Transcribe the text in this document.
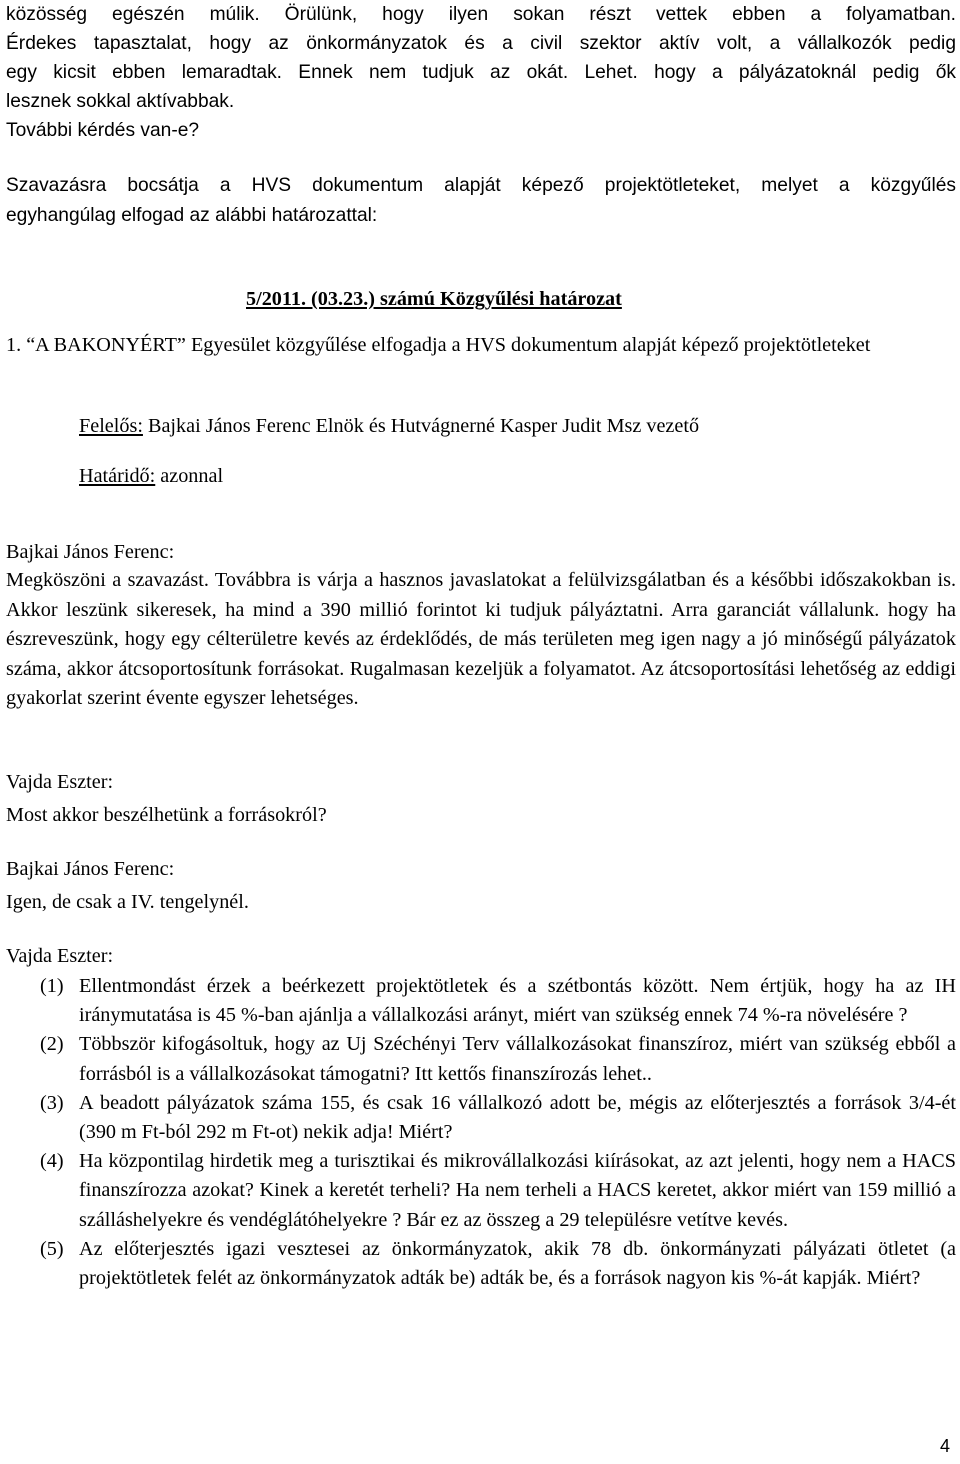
közösség egészén múlik. Örülünk, hogy ilyen sokan részt vettek ebben a folyamatban.

Érdekes tapasztalat, hogy az önkormányzatok és a civil szektor aktív volt, a vállalkozók pedig

egy kicsit ebben lemaradtak. Ennek nem tudjuk az okát. Lehet. hogy a pályázatoknál pedig ők

lesznek sokkal aktívabbak.

További kérdés van-e?

Szavazásra bocsátja a HVS dokumentum alapját képező projektötleteket, melyet a közgyűlés

egyhangúlag elfogad az alábbi határozattal:

5/2011. (03.23.) számú Közgyűlési határozat
1. “A BAKONYÉRT” Egyesület közgyűlése elfogadja a HVS dokumentum alapját képező projektötleteket
Felelős: Bajkai János Ferenc Elnök és Hutvágnerné Kasper Judit Msz vezető
Határidő: azonnal
Bajkai János Ferenc:
Megköszöni a szavazást. Továbbra is várja a hasznos javaslatokat a felülvizsgálatban és a későbbi időszakokban is. Akkor leszünk sikeresek, ha mind a 390 millió forintot ki tudjuk pályáztatni. Arra garanciát vállalunk. hogy ha észreveszünk, hogy egy célterületre kevés az érdeklődés, de más területen meg igen nagy a jó minőségű pályázatok száma, akkor átcsoportosítunk forrásokat. Rugalmasan kezeljük a folyamatot. Az átcsoportosítási lehetőség az eddigi gyakorlat szerint évente egyszer lehetséges.
Vajda Eszter:
Most akkor beszélhetünk a forrásokról?
Bajkai János Ferenc:
Igen, de csak a IV. tengelynél.
Vajda Eszter:
(1) Ellentmondást érzek a beérkezett projektötletek és a szétbontás között. Nem értjük, hogy ha az IH iránymutatása is 45 %-ban ajánlja a vállalkozási arányt, miért van szükség ennek 74 %-ra növelésére ?
(2) Többször kifogásoltuk, hogy az Uj Széchényi Terv vállalkozásokat finanszíroz, miért van szükség ebből a forrásból is a vállalkozásokat támogatni? Itt kettős finanszírozás lehet..
(3) A beadott pályázatok száma 155, és csak 16 vállalkozó adott be, mégis az előterjesztés a források 3/4-ét (390 m Ft-ból 292 m Ft-ot) nekik adja! Miért?
(4) Ha központilag hirdetik meg a turisztikai és mikrovállalkozási kiírásokat, az azt jelenti, hogy nem a HACS finanszírozza azokat? Kinek a keretét terheli? Ha nem terheli a HACS keretet, akkor miért van 159 millió a szálláshelyekre és vendéglátóhelyekre ? Bár ez az összeg a 29 településre vetítve kevés.
(5) Az előterjesztés igazi vesztesei az önkormányzatok, akik 78 db. önkormányzati pályázati ötletet (a projektötletek felét az önkormányzatok adták be) adták be, és a források nagyon kis %-át kapják. Miért?
4
